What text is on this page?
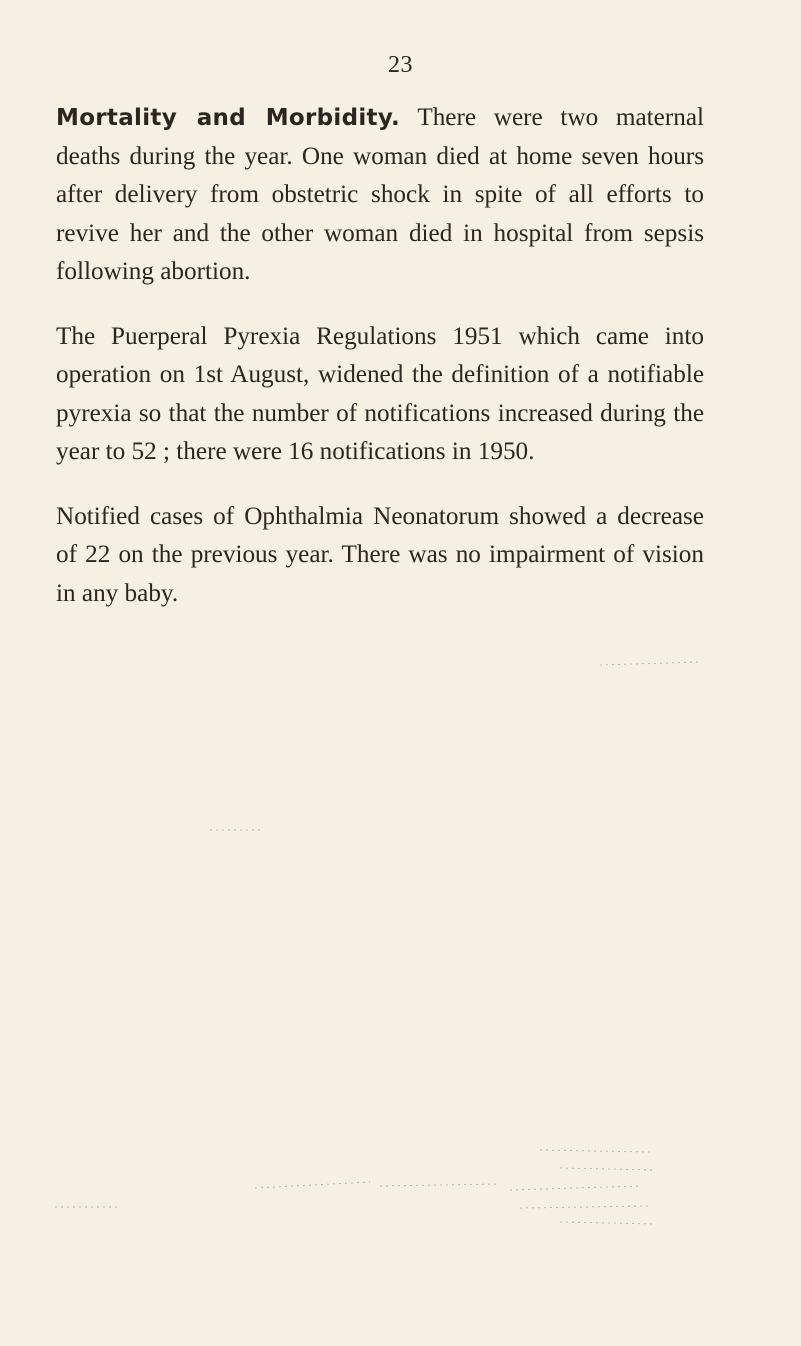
23

Mortality and Morbidity. There were two maternal deaths during the year. One woman died at home seven hours after delivery from obstetric shock in spite of all efforts to revive her and the other woman died in hospital from sepsis following abortion.

The Puerperal Pyrexia Regulations 1951 which came into operation on 1st August, widened the definition of a notifiable pyrexia so that the number of notifications increased during the year to 52 ; there were 16 notifications in 1950.

Notified cases of Ophthalmia Neonatorum showed a decrease of 22 on the previous year. There was no impairment of vision in any baby.
